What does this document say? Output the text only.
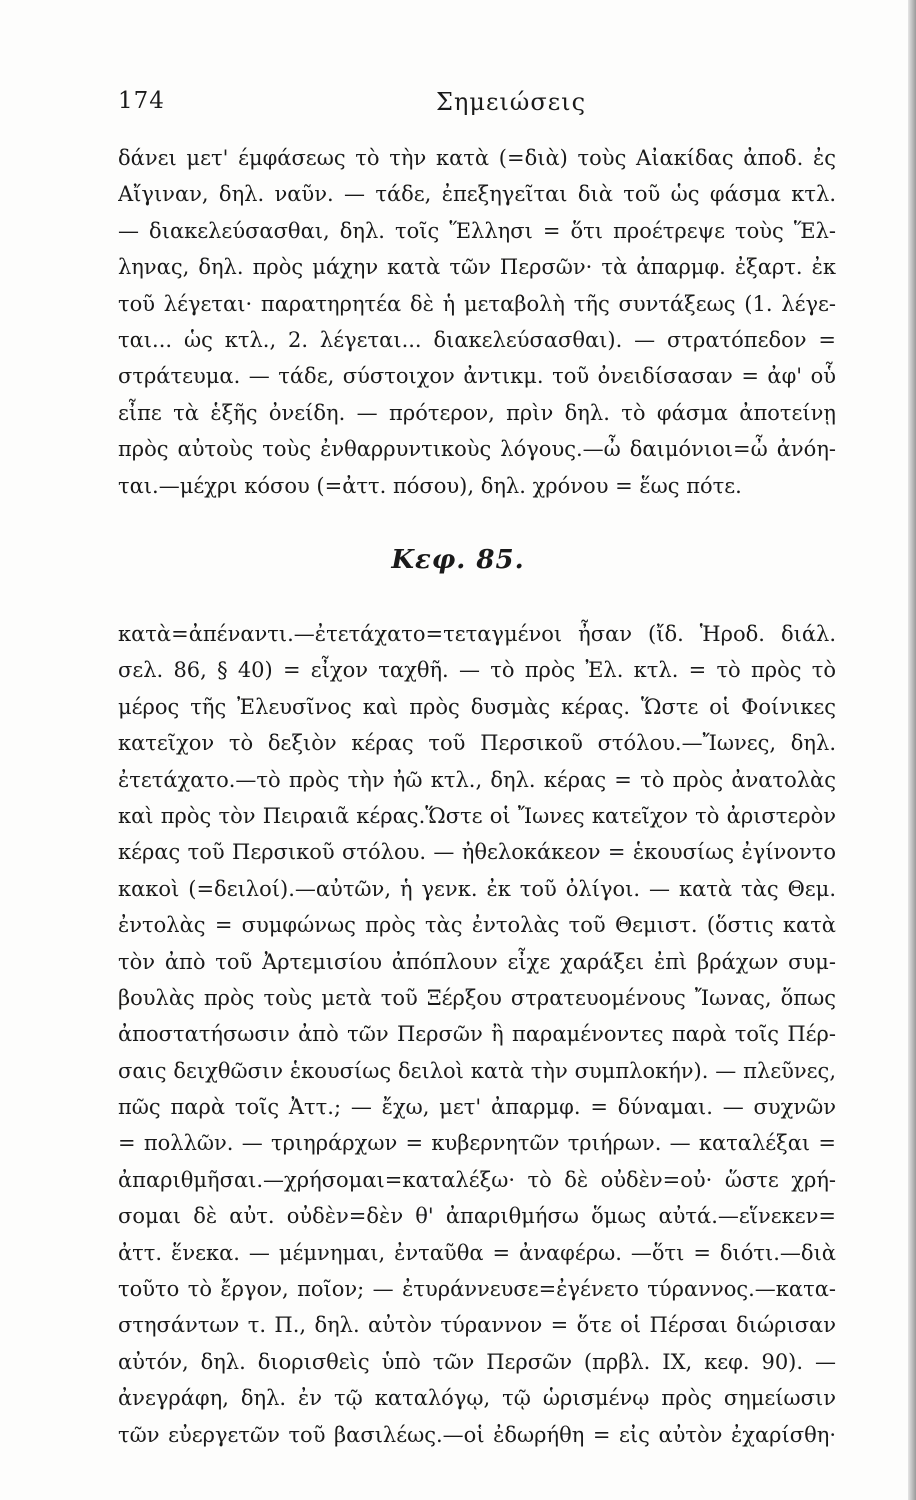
174	Σημειώσεις
δάνει μετ' έμφάσεως τὸ τὴν κατὰ (=διὰ) τοὺς Αἰακίδας ἀποδ. ἐς
Αἴγιναν, δηλ. ναῦν. — τάδε, ἐπεξηγεῖται διὰ τοῦ ὡς φάσμα κτλ.
— διακελεύσασθαι, δηλ. τοῖς Ἕλλησι = ὅτι προέτρεψε τοὺς Ἕλ-
ληνας, δηλ. πρὸς μάχην κατὰ τῶν Περσῶν· τὰ ἀπαρμφ. ἐξαρτ. ἐκ
τοῦ λέγεται· παρατηρητέα δὲ ἡ μεταβολὴ τῆς συντάξεως (1. λέγε-
ται... ὡς κτλ., 2. λέγεται... διακελεύσασθαι). — στρατόπεδον =
στράτευμα. — τάδε, σύστοιχον ἀντικμ. τοῦ ὀνειδίσασαν = ἀφ' οὗ
εἶπε τὰ ἑξῆς ὀνείδη. — πρότερον, πρὶν δηλ. τὸ φάσμα ἀποτείνῃ
πρὸς αὐτοὺς τοὺς ἐνθαρρυντικοὺς λόγους.—ὦ δαιμόνιοι=ὦ ἀνόη-
ται.—μέχρι κόσου (=ἀττ. πόσου), δηλ. χρόνου = ἕως πότε.
Κεφ. 85.
κατὰ=ἀπέναντι.—ἐτετάχατο=τεταγμένοι ἦσαν (ἴδ. Ἡροδ. διάλ.
σελ. 86, § 40) = εἶχον ταχθῆ. — τὸ πρὸς Ἐλ. κτλ. = τὸ πρὸς τὸ
μέρος τῆς Ἐλευσῖνος καὶ πρὸς δυσμὰς κέρας. Ὥστε οἱ Φοίνικες
κατεῖχον τὸ δεξιὸν κέρας τοῦ Περσικοῦ στόλου.—Ἴωνες, δηλ.
ἐτετάχατο.—τὸ πρὸς τὴν ἠῶ κτλ., δηλ. κέρας = τὸ πρὸς ἀνατολὰς
καὶ πρὸς τὸν Πειραιᾶ κέρας.Ὥστε οἱ Ἴωνες κατεῖχον τὸ ἀριστερὸν
κέρας τοῦ Περσικοῦ στόλου. — ἠθελοκάκεον = ἑκουσίως ἐγίνοντο
κακοὶ (=δειλοί).—αὐτῶν, ἡ γενκ. ἐκ τοῦ ὀλίγοι. — κατὰ τὰς Θεμ.
ἐντολὰς = συμφώνως πρὸς τὰς ἐντολὰς τοῦ Θεμιστ. (ὅστις κατὰ
τὸν ἀπὸ τοῦ Ἀρτεμισίου ἀπόπλουν εἶχε χαράξει ἐπὶ βράχων συμ-
βουλὰς πρὸς τοὺς μετὰ τοῦ Ξέρξου στρατευομένους Ἴωνας, ὅπως
ἀποστατήσωσιν ἀπὸ τῶν Περσῶν ἢ παραμένοντες παρὰ τοῖς Πέρ-
σαις δειχθῶσιν ἑκουσίως δειλοὶ κατὰ τὴν συμπλοκήν). — πλεῦνες,
πῶς παρὰ τοῖς Ἀττ.; — ἔχω, μετ' ἀπαρμφ. = δύναμαι. — συχνῶν
= πολλῶν. — τριηράρχων = κυβερνητῶν τριήρων. — καταλέξαι =
ἀπαριθμῆσαι.—χρήσομαι=καταλέξω· τὸ δὲ οὐδὲν=οὐ· ὥστε χρή-
σομαι δὲ αὐτ. οὐδὲν=δὲν θ' ἀπαριθμήσω ὅμως αὐτά.—εἵνεκεν=
ἀττ. ἕνεκα. — μέμνημαι, ἐνταῦθα = ἀναφέρω. —ὅτι = διότι.—διὰ
τοῦτο τὸ ἔργον, ποῖον; — ἐτυράννευσε=ἐγένετο τύραννος.—κατα-
στησάντων τ. Π., δηλ. αὐτὸν τύραννον = ὅτε οἱ Πέρσαι διώρισαν
αὐτόν, δηλ. διορισθεὶς ὑπὸ τῶν Περσῶν (πρβλ. IX, κεφ. 90). —
ἀνεγράφη, δηλ. ἐν τῷ καταλόγῳ, τῷ ὡρισμένῳ πρὸς σημείωσιν
τῶν εὐεργετῶν τοῦ βασιλέως.—οἱ ἐδωρήθη = εἰς αὐτὸν ἐχαρίσθη·
